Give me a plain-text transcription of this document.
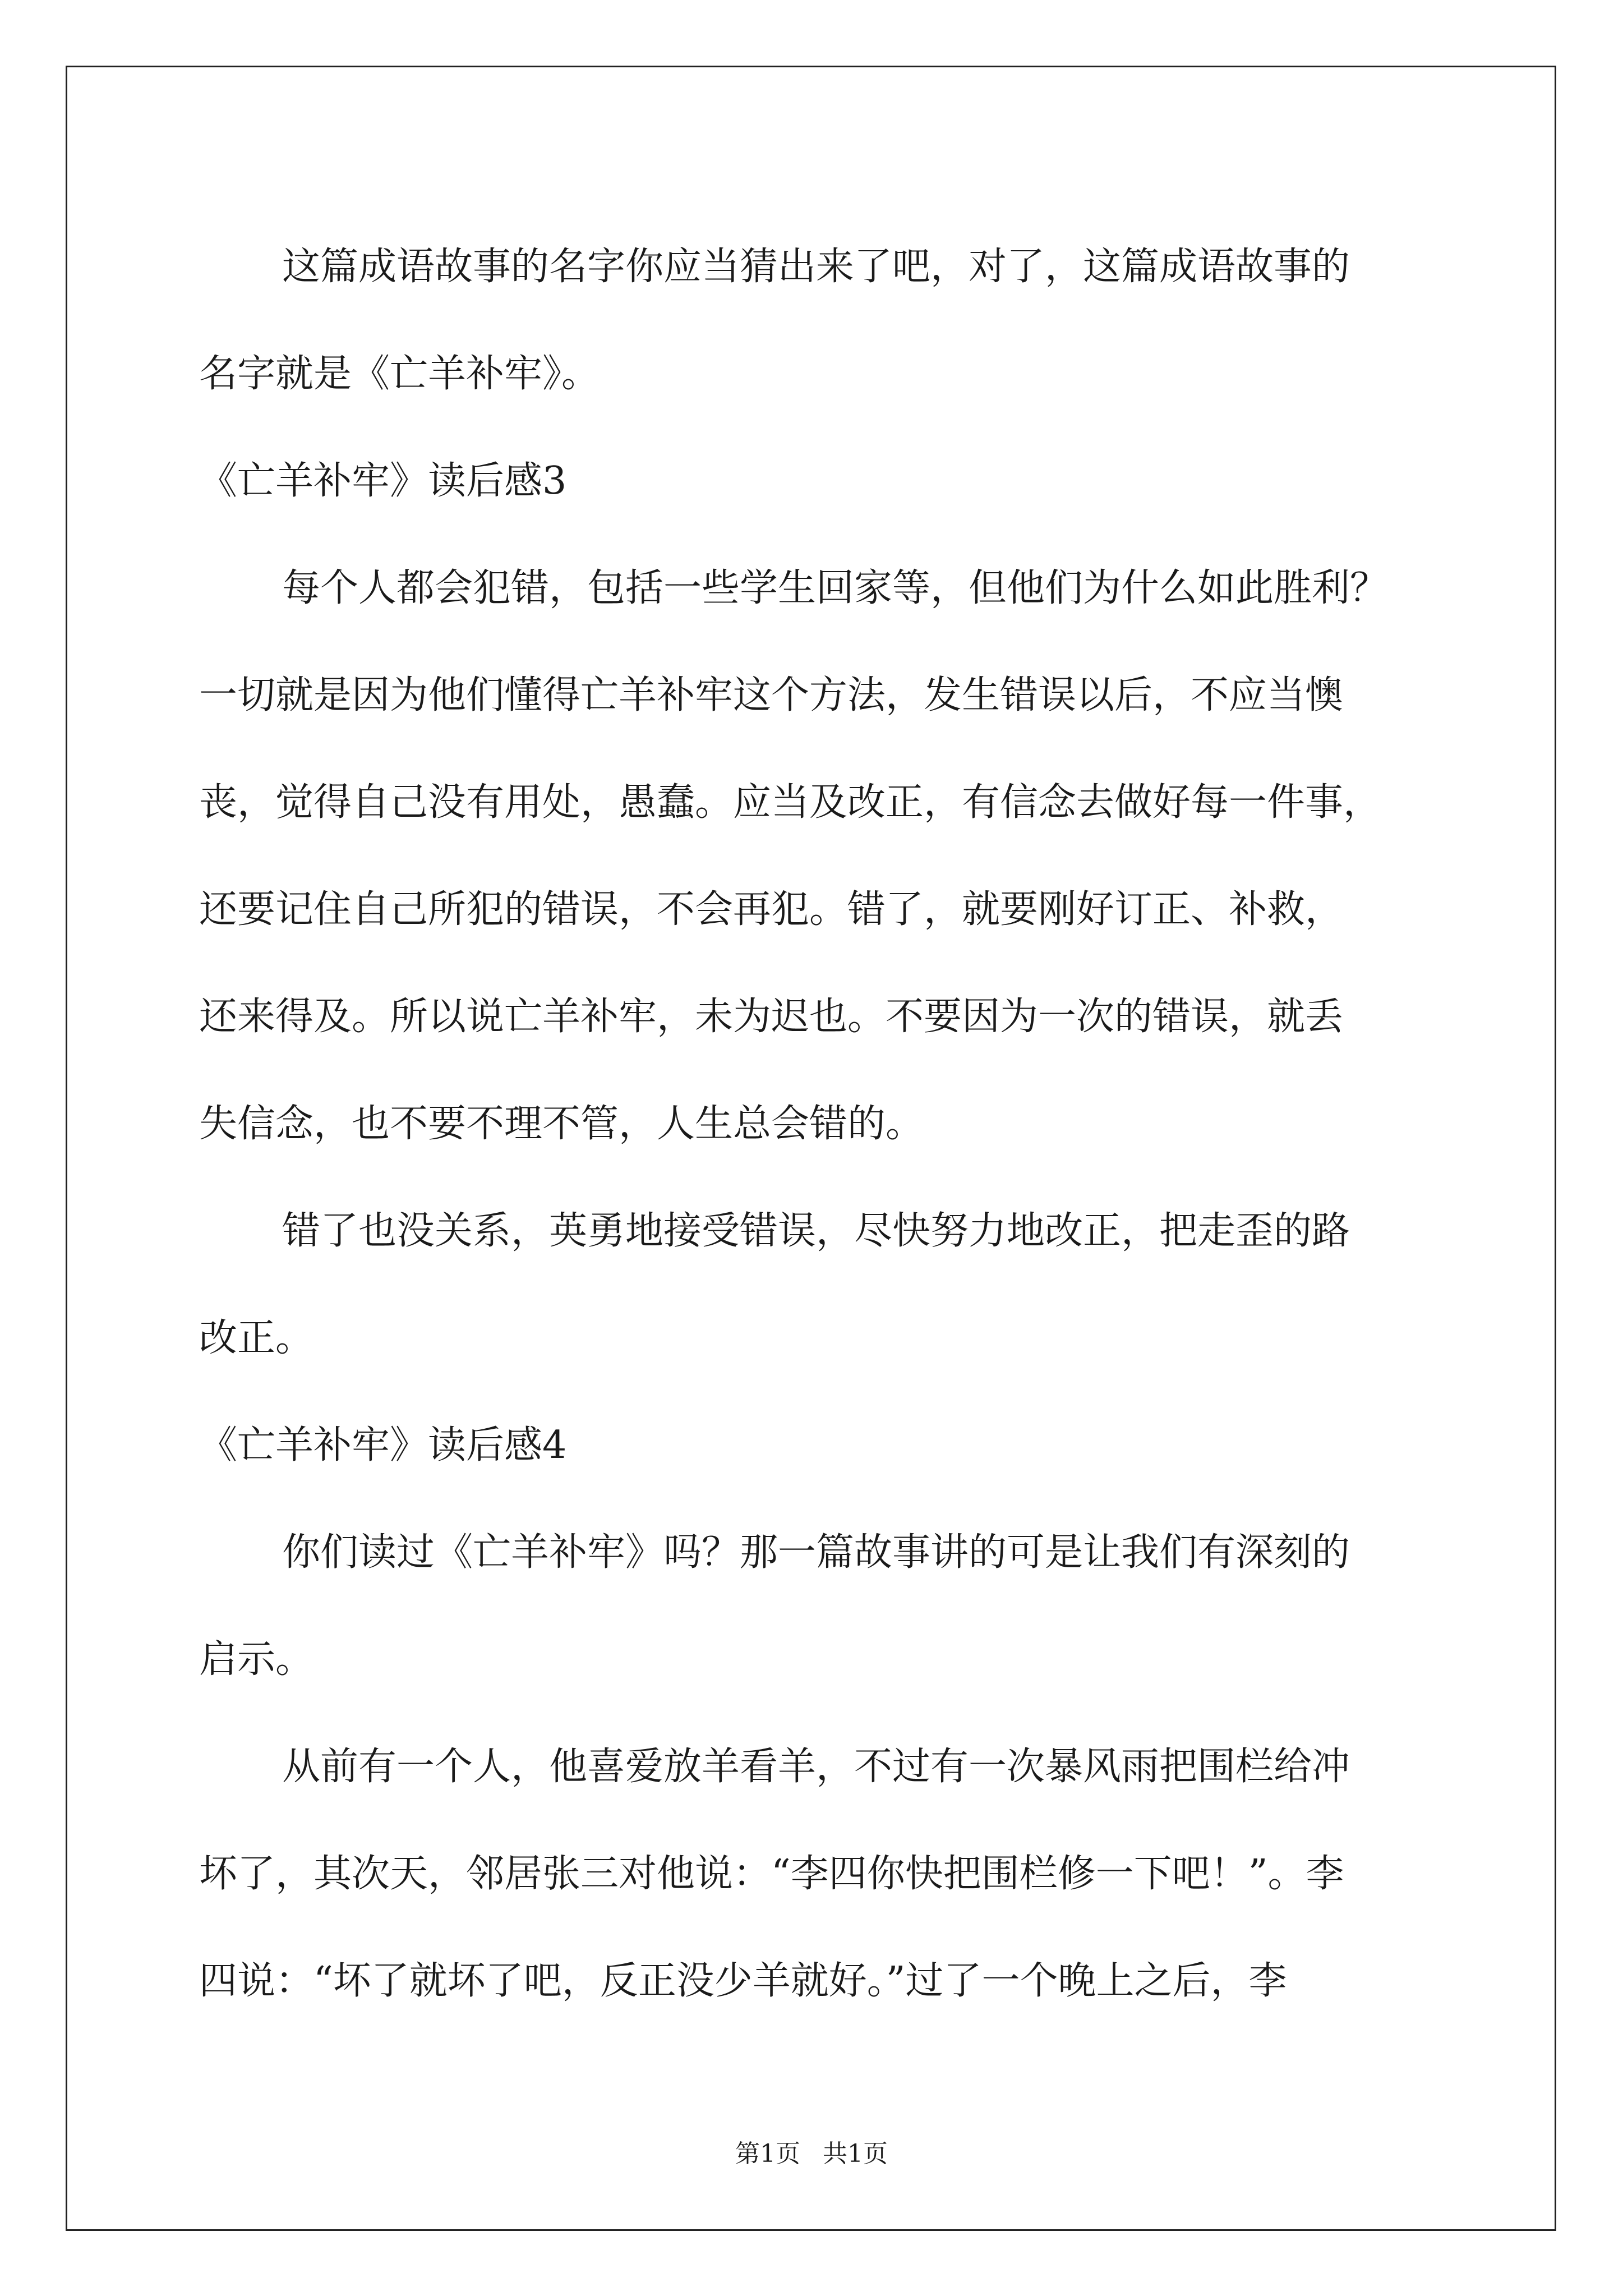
这篇成语故事的名字你应当猜出来了吧，对了，这篇成语故事的

名字就是《亡羊补牢》。

《亡羊补牢》读后感3

每个人都会犯错，包括一些学生回家等，但他们为什么如此胜利？

一切就是因为他们懂得亡羊补牢这个方法，发生错误以后，不应当懊

丧，觉得自己没有用处，愚蠢。应当及改正，有信念去做好每一件事，

还要记住自己所犯的错误，不会再犯。错了，就要刚好订正、补救，

还来得及。所以说亡羊补牢，未为迟也。不要因为一次的错误，就丢

失信念，也不要不理不管，人生总会错的。

错了也没关系，英勇地接受错误，尽快努力地改正，把走歪的路

改正。

《亡羊补牢》读后感4

你们读过《亡羊补牢》吗？那一篇故事讲的可是让我们有深刻的

启示。

从前有一个人，他喜爱放羊看羊，不过有一次暴风雨把围栏给冲

坏了，其次天，邻居张三对他说：“李四你快把围栏修一下吧！”。李

四说：“坏了就坏了吧，反正没少羊就好。”过了一个晚上之后，李

第1页 共1页
